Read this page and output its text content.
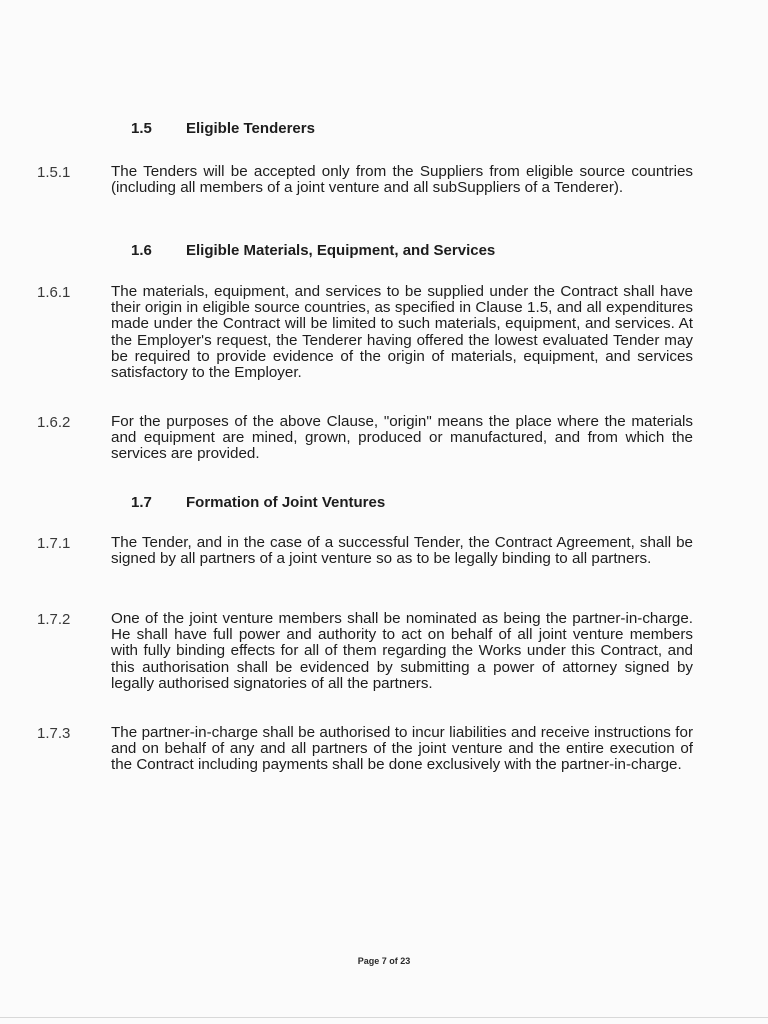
1.5 Eligible Tenderers
1.5.1	The Tenders will be accepted only from the Suppliers from eligible source countries (including all members of a joint venture and all subSuppliers of a Tenderer).
1.6 Eligible Materials, Equipment, and Services
1.6.1	The materials, equipment, and services to be supplied under the Contract shall have their origin in eligible source countries, as specified in Clause 1.5, and all expenditures made under the Contract will be limited to such materials, equipment, and services. At the Employer's request, the Tenderer having offered the lowest evaluated Tender may be required to provide evidence of the origin of materials, equipment, and services satisfactory to the Employer.
1.6.2	For the purposes of the above Clause, "origin" means the place where the materials and equipment are mined, grown, produced or manufactured, and from which the services are provided.
1.7 Formation of Joint Ventures
1.7.1	The Tender, and in the case of a successful Tender, the Contract Agreement, shall be signed by all partners of a joint venture so as to be legally binding to all partners.
1.7.2	One of the joint venture members shall be nominated as being the partner-in-charge. He shall have full power and authority to act on behalf of all joint venture members with fully binding effects for all of them regarding the Works under this Contract, and this authorisation shall be evidenced by submitting a power of attorney signed by legally authorised signatories of all the partners.
1.7.3	The partner-in-charge shall be authorised to incur liabilities and receive instructions for and on behalf of any and all partners of the joint venture and the entire execution of the Contract including payments shall be done exclusively with the partner-in-charge.
Page 7 of 23
